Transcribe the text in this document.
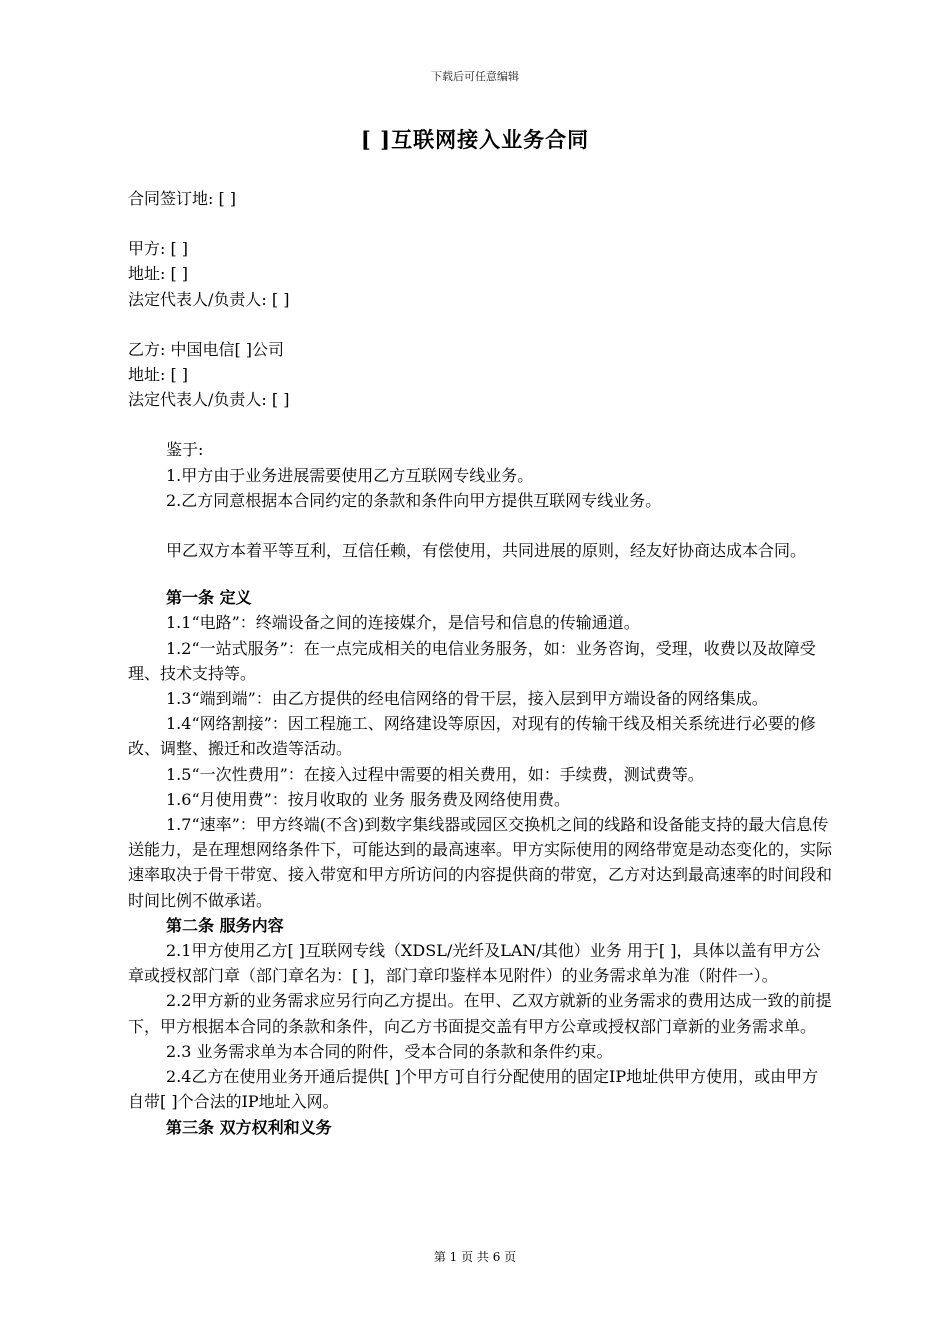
下载后可任意编辑
[ ]互联网接入业务合同

合同签订地: [ ]

甲方: [ ]

地址: [ ]

法定代表人/负责人: [ ]

乙方: 中国电信[ ]公司

地址: [ ]

法定代表人/负责人: [ ]

鉴于:

1.甲方由于业务进展需要使用乙方互联网专线业务。

2.乙方同意根据本合同约定的条款和条件向甲方提供互联网专线业务。

甲乙双方本着平等互利，互信任赖，有偿使用，共同进展的原则，经友好协商达成本合同。

第一条 定义

1.1“电路”：终端设备之间的连接媒介，是信号和信息的传输通道。

1.2“一站式服务”：在一点完成相关的电信业务服务，如：业务咨询，受理，收费以及故障受理、技术支持等。

1.3“端到端”：由乙方提供的经电信网络的骨干层，接入层到甲方端设备的网络集成。

1.4“网络割接”：因工程施工、网络建设等原因，对现有的传输干线及相关系统进行必要的修改、调整、搬迁和改造等活动。

1.5“一次性费用”：在接入过程中需要的相关费用，如：手续费，测试费等。

1.6“月使用费”：按月收取的 业务 服务费及网络使用费。

1.7“速率”：甲方终端(不含)到数字集线器或园区交换机之间的线路和设备能支持的最大信息传送能力，是在理想网络条件下，可能达到的最高速率。甲方实际使用的网络带宽是动态变化的，实际速率取决于骨干带宽、接入带宽和甲方所访问的内容提供商的带宽，乙方对达到最高速率的时间段和时间比例不做承诺。

第二条 服务内容

2.1甲方使用乙方[ ]互联网专线（XDSL/光纤及LAN/其他）业务 用于[ ]，具体以盖有甲方公章或授权部门章（部门章名为：[ ]，部门章印鉴样本见附件）的业务需求单为准（附件一）。

2.2甲方新的业务需求应另行向乙方提出。在甲、乙双方就新的业务需求的费用达成一致的前提下，甲方根据本合同的条款和条件，向乙方书面提交盖有甲方公章或授权部门章新的业务需求单。

2.3 业务需求单为本合同的附件，受本合同的条款和条件约束。

2.4乙方在使用业务开通后提供[ ]个甲方可自行分配使用的固定IP地址供甲方使用，或由甲方自带[ ]个合法的IP地址入网。

第三条 双方权利和义务

第 1 页 共 6 页
